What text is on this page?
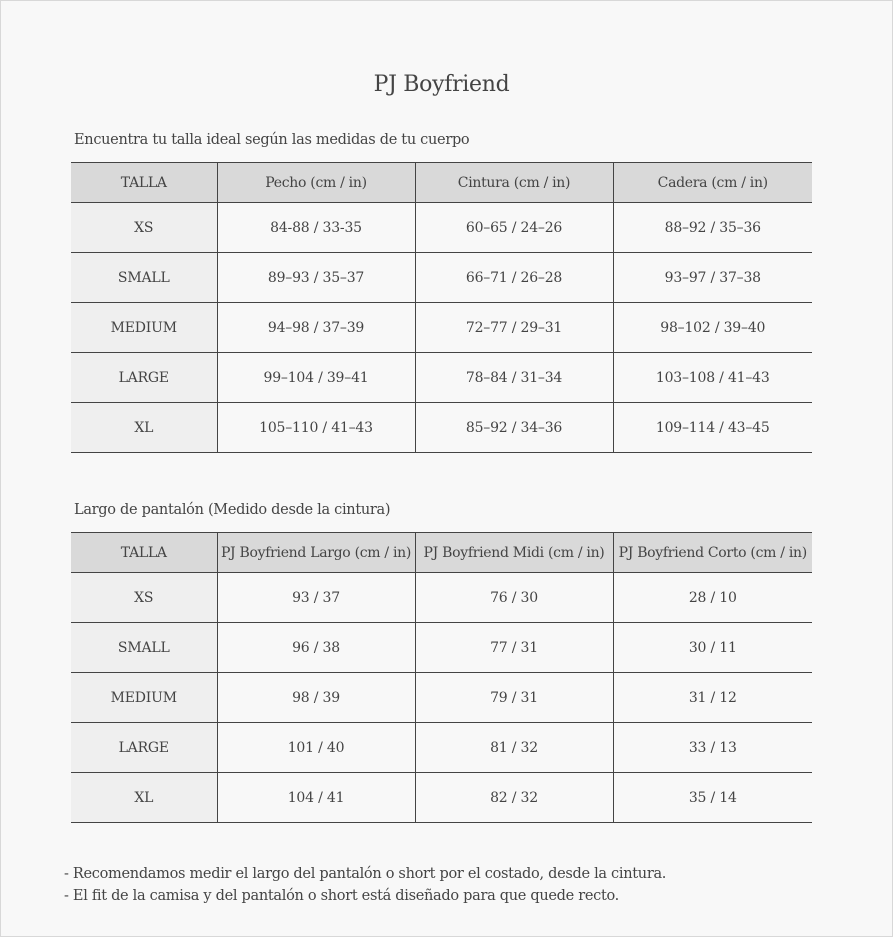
PJ Boyfriend
Encuentra tu talla ideal según las medidas de tu cuerpo
TALLA	Pecho (cm / in)	Cintura (cm / in)	Cadera (cm / in)
XS	84-88 / 33-35	60–65 / 24–26	88–92 / 35–36
SMALL	89–93 / 35–37	66–71 / 26–28	93–97 / 37–38
MEDIUM	94–98 / 37–39	72–77 / 29–31	98–102 / 39–40
LARGE	99–104 / 39–41	78–84 / 31–34	103–108 / 41–43
XL	105–110 / 41–43	85–92 / 34–36	109–114 / 43–45
Largo de pantalón (Medido desde la cintura)
TALLA	PJ Boyfriend Largo (cm / in)	PJ Boyfriend Midi (cm / in)	PJ Boyfriend Corto (cm / in)
XS	93 / 37	76 / 30	28 / 10
SMALL	96 / 38	77 / 31	30 / 11
MEDIUM	98 / 39	79 / 31	31 / 12
LARGE	101 / 40	81 / 32	33 / 13
XL	104 / 41	82 / 32	35 / 14
- Recomendamos medir el largo del pantalón o short por el costado, desde la cintura.
- El fit de la camisa y del pantalón o short está diseñado para que quede recto.
